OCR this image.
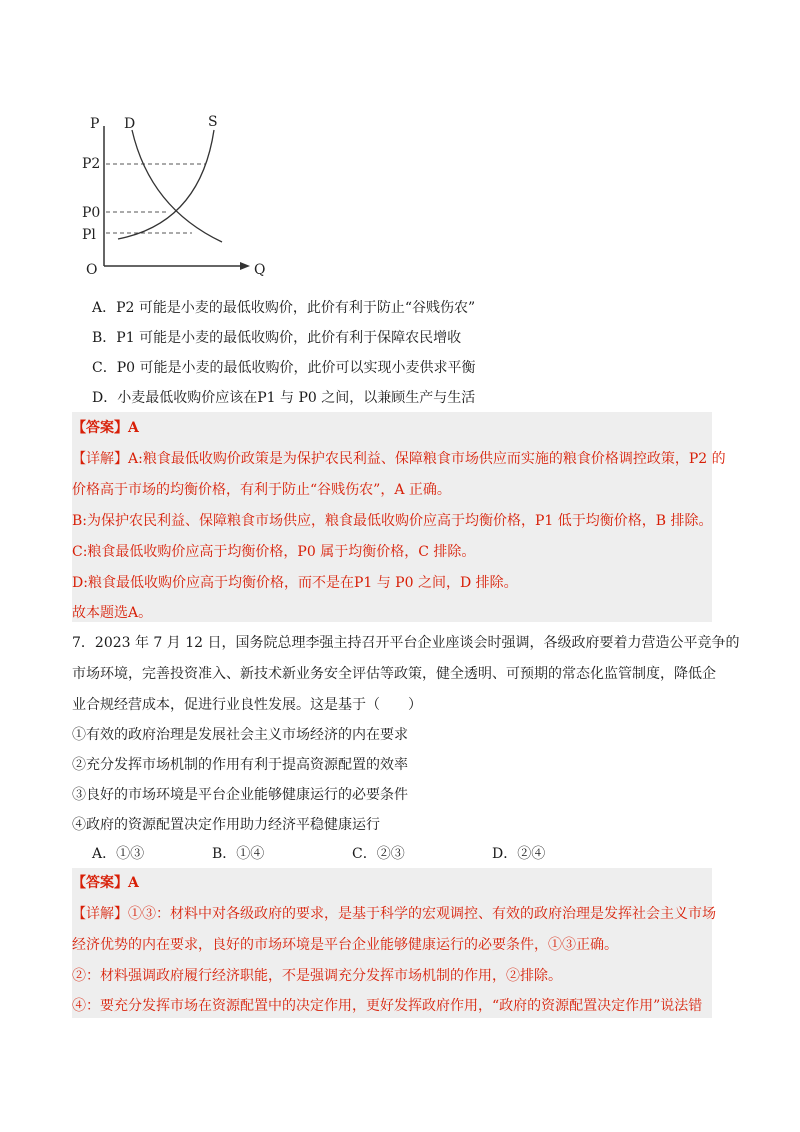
P D	S
P2
P0
Pl
O	Q
A．P2 可能是小麦的最低收购价，此价有利于防止“谷贱伤农”
B．P1 可能是小麦的最低收购价，此价有利于保障农民增收
C．P0 可能是小麦的最低收购价，此价可以实现小麦供求平衡
D．小麦最低收购价应该在P1 与 P0 之间，以兼顾生产与生活
【答案】A
【详解】A:粮食最低收购价政策是为保护农民利益、保障粮食市场供应而实施的粮食价格调控政策，P2 的
价格高于市场的均衡价格，有利于防止“谷贱伤农”，A 正确。
B:为保护农民利益、保障粮食市场供应，粮食最低收购价应高于均衡价格，P1 低于均衡价格，B 排除。
C:粮食最低收购价应高于均衡价格，P0 属于均衡价格，C 排除。
D:粮食最低收购价应高于均衡价格，而不是在P1 与 P0 之间，D 排除。
故本题选A。
7．2023 年 7 月 12 日，国务院总理李强主持召开平台企业座谈会时强调，各级政府要着力营造公平竞争的
市场环境，完善投资准入、新技术新业务安全评估等政策，健全透明、可预期的常态化监管制度，降低企
业合规经营成本，促进行业良性发展。这是基于（　　）
①有效的政府治理是发展社会主义市场经济的内在要求
②充分发挥市场机制的作用有利于提高资源配置的效率
③良好的市场环境是平台企业能够健康运行的必要条件
④政府的资源配置决定作用助力经济平稳健康运行
A．①③	B．①④	C．②③	D．②④
【答案】A
【详解】①③：材料中对各级政府的要求，是基于科学的宏观调控、有效的政府治理是发挥社会主义市场
经济优势的内在要求，良好的市场环境是平台企业能够健康运行的必要条件，①③正确。
②：材料强调政府履行经济职能，不是强调充分发挥市场机制的作用，②排除。
④：要充分发挥市场在资源配置中的决定作用，更好发挥政府作用，“政府的资源配置决定作用”说法错
